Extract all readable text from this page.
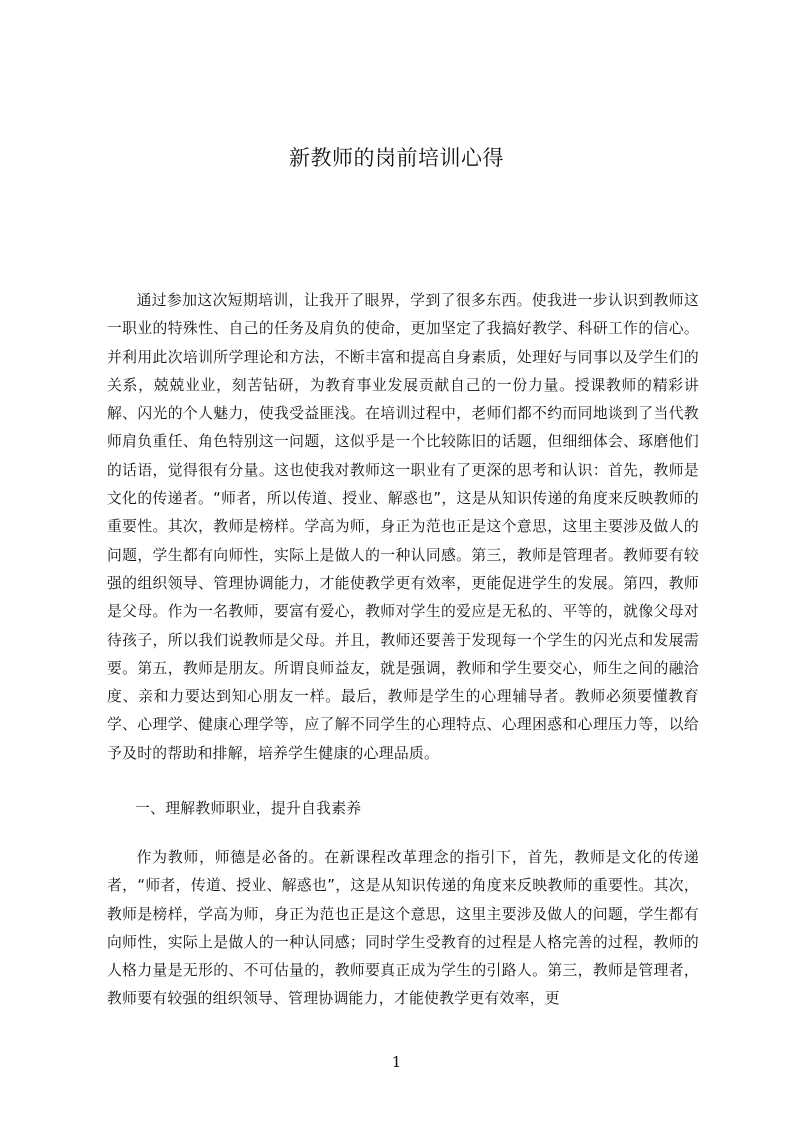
新教师的岗前培训心得

通过参加这次短期培训，让我开了眼界，学到了很多东西。使我进一步认识到教师这一职业的特殊性、自己的任务及肩负的使命，更加坚定了我搞好教学、科研工作的信心。并利用此次培训所学理论和方法，不断丰富和提高自身素质，处理好与同事以及学生们的关系，兢兢业业，刻苦钻研，为教育事业发展贡献自己的一份力量。授课教师的精彩讲解、闪光的个人魅力，使我受益匪浅。在培训过程中，老师们都不约而同地谈到了当代教师肩负重任、角色特别这一问题，这似乎是一个比较陈旧的话题，但细细体会、琢磨他们的话语，觉得很有分量。这也使我对教师这一职业有了更深的思考和认识：首先，教师是文化的传递者。“师者，所以传道、授业、解惑也”，这是从知识传递的角度来反映教师的重要性。其次，教师是榜样。学高为师，身正为范也正是这个意思，这里主要涉及做人的问题，学生都有向师性，实际上是做人的一种认同感。第三，教师是管理者。教师要有较强的组织领导、管理协调能力，才能使教学更有效率，更能促进学生的发展。第四，教师是父母。作为一名教师，要富有爱心，教师对学生的爱应是无私的、平等的，就像父母对待孩子，所以我们说教师是父母。并且，教师还要善于发现每一个学生的闪光点和发展需要。第五，教师是朋友。所谓良师益友，就是强调，教师和学生要交心，师生之间的融洽度、亲和力要达到知心朋友一样。最后，教师是学生的心理辅导者。教师必须要懂教育学、心理学、健康心理学等，应了解不同学生的心理特点、心理困惑和心理压力等，以给予及时的帮助和排解，培养学生健康的心理品质。

一、理解教师职业，提升自我素养

作为教师，师德是必备的。在新课程改革理念的指引下，首先，教师是文化的传递者，“师者，传道、授业、解惑也”，这是从知识传递的角度来反映教师的重要性。其次，教师是榜样，学高为师，身正为范也正是这个意思，这里主要涉及做人的问题，学生都有向师性，实际上是做人的一种认同感；同时学生受教育的过程是人格完善的过程，教师的人格力量是无形的、不可估量的，教师要真正成为学生的引路人。第三，教师是管理者，教师要有较强的组织领导、管理协调能力，才能使教学更有效率，更

1
